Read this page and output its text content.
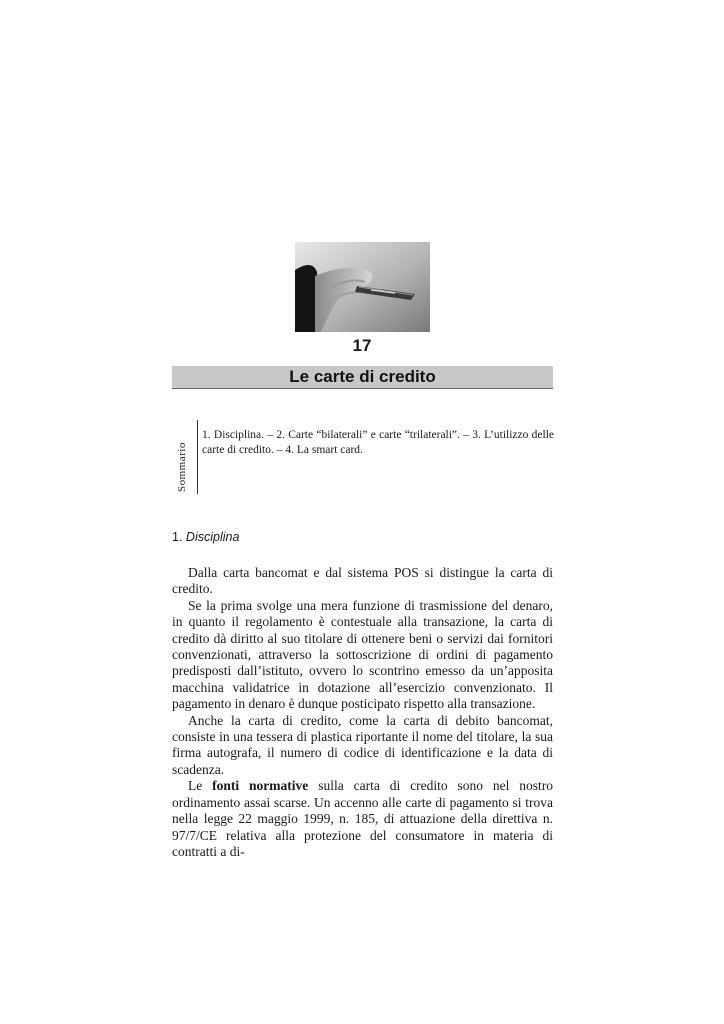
17
Le carte di credito
Sommario
1. Disciplina. – 2. Carte “bilaterali” e carte “trilaterali”. – 3. L’utilizzo delle carte di credito. – 4. La smart card.
1. Disciplina

Dalla carta bancomat e dal sistema POS si distingue la carta di credito.

Se la prima svolge una mera funzione di trasmissione del denaro, in quanto il regolamento è contestuale alla transazione, la carta di credito dà diritto al suo titolare di ottenere beni o servizi dai fornitori convenzionati, attraverso la sottoscrizione di ordini di pagamento predisposti dall’istituto, ovvero lo scontrino emesso da un’apposita macchina validatrice in dotazione all’esercizio convenzionato. Il pagamento in denaro è dunque posticipato rispetto alla transazione.

Anche la carta di credito, come la carta di debito bancomat, consiste in una tessera di plastica riportante il nome del titolare, la sua firma autografa, il numero di codice di identificazione e la data di scadenza.

Le fonti normative sulla carta di credito sono nel nostro ordinamento assai scarse. Un accenno alle carte di pagamento si trova nella legge 22 maggio 1999, n. 185, di attuazione della direttiva n. 97/7/CE relativa alla protezione del consumatore in materia di contratti a di-
